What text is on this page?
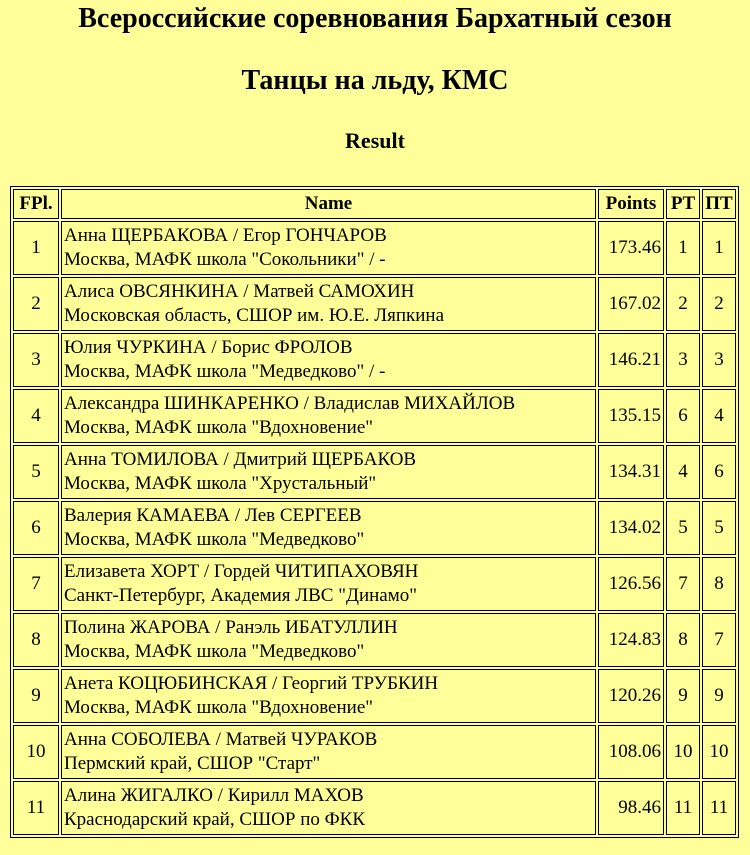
Всероссийские соревнования Бархатный сезон
Танцы на льду, КМС
Result
FPl.	Name	Points	PT	ПТ
1	Анна ЩЕРБАКОВА / Егор ГОНЧАРОВ
Москва, МАФК школа "Сокольники" / -	173.46	1	1
2	Алиса ОВСЯНКИНА / Матвей САМОХИН
Московская область, СШОР им. Ю.Е. Ляпкина	167.02	2	2
3	Юлия ЧУРКИНА / Борис ФРОЛОВ
Москва, МАФК школа "Медведково" / -	146.21	3	3
4	Александра ШИНКАРЕНКО / Владислав МИХАЙЛОВ
Москва, МАФК школа "Вдохновение"	135.15	6	4
5	Анна ТОМИЛОВА / Дмитрий ЩЕРБАКОВ
Москва, МАФК школа "Хрустальный"	134.31	4	6
6	Валерия КАМАЕВА / Лев СЕРГЕЕВ
Москва, МАФК школа "Медведково"	134.02	5	5
7	Елизавета ХОРТ / Гордей ЧИТИПАХОВЯН
Санкт-Петербург, Академия ЛВС "Динамо"	126.56	7	8
8	Полина ЖАРОВА / Ранэль ИБАТУЛЛИН
Москва, МАФК школа "Медведково"	124.83	8	7
9	Анета КОЦЮБИНСКАЯ / Георгий ТРУБКИН
Москва, МАФК школа "Вдохновение"	120.26	9	9
10	Анна СОБОЛЕВА / Матвей ЧУРАКОВ
Пермский край, СШОР "Старт"	108.06	10	10
11	Алина ЖИГАЛКО / Кирилл МАХОВ
Краснодарский край, СШОР по ФКК	98.46	11	11
